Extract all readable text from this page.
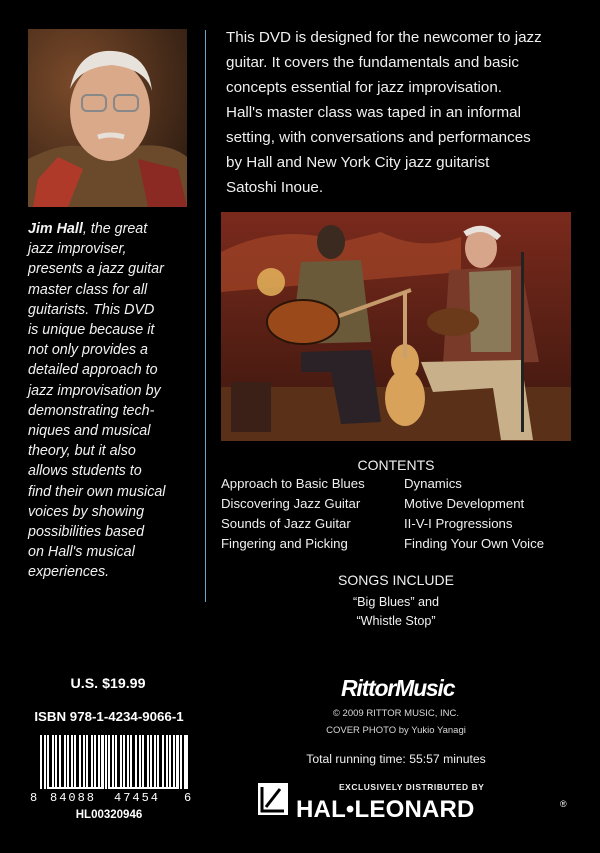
Jim Hall, the great
jazz improviser,
presents a jazz guitar
master class for all
guitarists. This DVD
is unique because it
not only provides a
detailed approach to
jazz improvisation by
demonstrating tech-
niques and musical
theory, but it also
allows students to
find their own musical
voices by showing
possibilities based
on Hall's musical
experiences.
This DVD is designed for the newcomer to jazz
guitar. It covers the fundamentals and basic
concepts essential for jazz improvisation.
Hall's master class was taped in an informal
setting, with conversations and performances
by Hall and New York City jazz guitarist
Satoshi Inoue.
CONTENTS
Approach to Basic Blues
Discovering Jazz Guitar
Sounds of Jazz Guitar
Fingering and Picking
Dynamics
Motive Development
II-V-I Progressions
Finding Your Own Voice
SONGS INCLUDE
“Big Blues” and
“Whistle Stop”
U.S. $19.99
ISBN 978-1-4234-9066-1
8 84088 47454 6
HL00320946
RittorMusic
© 2009 RITTOR MUSIC, INC.
COVER PHOTO by Yukio Yanagi
Total running time: 55:57 minutes
EXCLUSIVELY DISTRIBUTED BY
HAL•LEONARD	®
